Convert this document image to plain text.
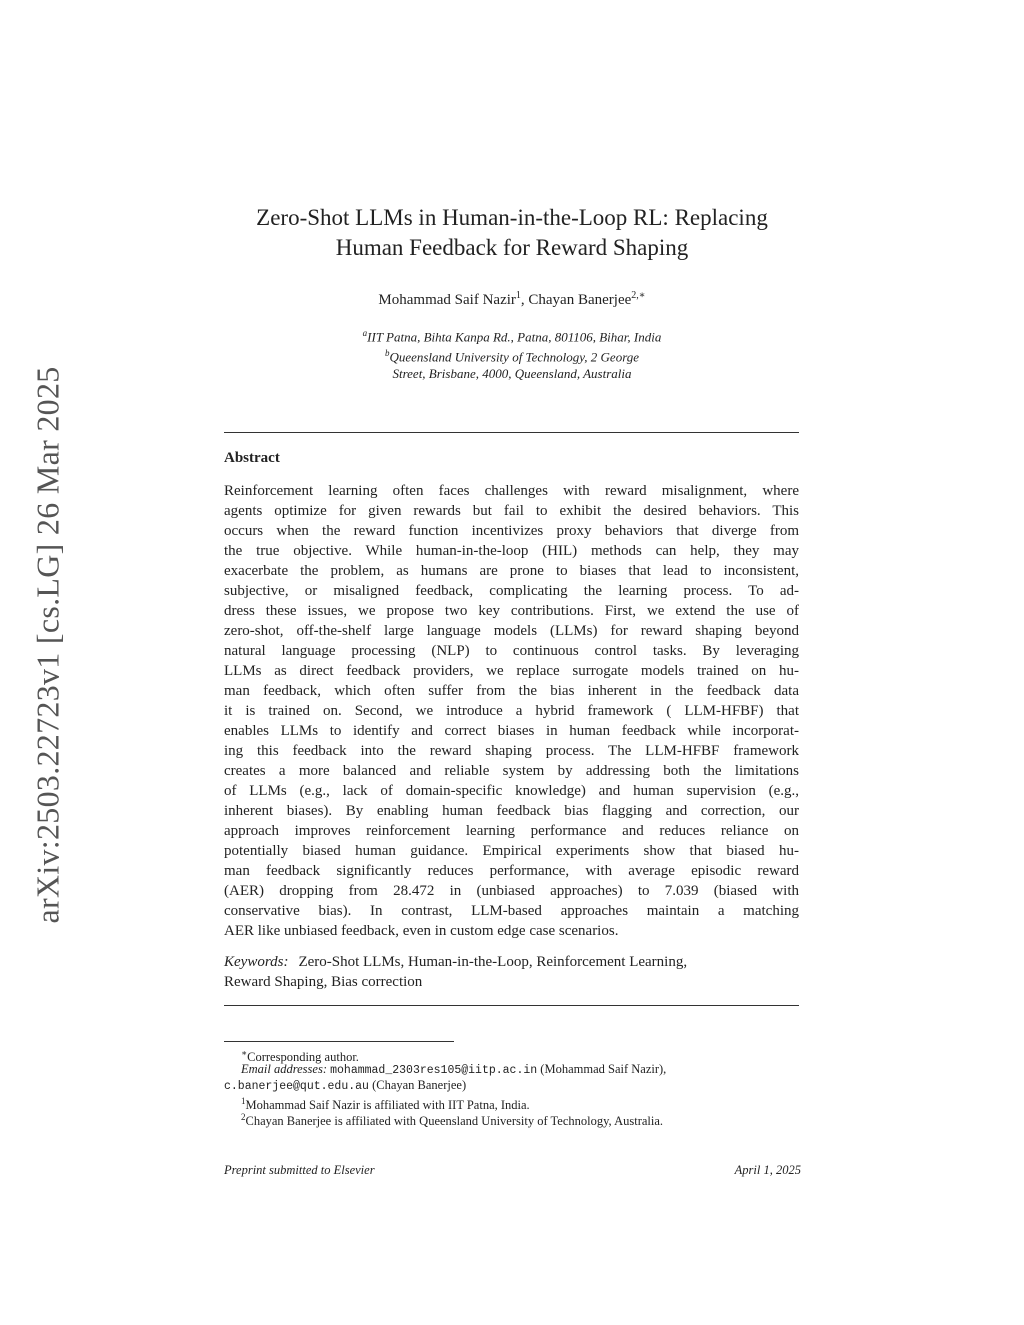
arXiv:2503.22723v1 [cs.LG] 26 Mar 2025
Zero-Shot LLMs in Human-in-the-Loop RL: Replacing
Human Feedback for Reward Shaping
Mohammad Saif Nazir$^1$, Chayan Banerjee$^{2,∗}$
$^a$IIT Patna, Bihta Kanpa Rd., Patna, 801106, Bihar, India
$^b$Queensland University of Technology, 2 George
Street, Brisbane, 4000, Queensland, Australia
Abstract
Reinforcement learning often faces challenges with reward misalignment, where
agents optimize for given rewards but fail to exhibit the desired behaviors. This
occurs when the reward function incentivizes proxy behaviors that diverge from
the true objective. While human-in-the-loop (HIL) methods can help, they may
exacerbate the problem, as humans are prone to biases that lead to inconsistent,
subjective, or misaligned feedback, complicating the learning process. To ad-
dress these issues, we propose two key contributions. First, we extend the use of
zero-shot, off-the-shelf large language models (LLMs) for reward shaping beyond
natural language processing (NLP) to continuous control tasks. By leveraging
LLMs as direct feedback providers, we replace surrogate models trained on hu-
man feedback, which often suffer from the bias inherent in the feedback data
it is trained on. Second, we introduce a hybrid framework ( LLM-HFBF) that
enables LLMs to identify and correct biases in human feedback while incorporat-
ing this feedback into the reward shaping process. The LLM-HFBF framework
creates a more balanced and reliable system by addressing both the limitations
of LLMs (e.g., lack of domain-specific knowledge) and human supervision (e.g.,
inherent biases). By enabling human feedback bias flagging and correction, our
approach improves reinforcement learning performance and reduces reliance on
potentially biased human guidance. Empirical experiments show that biased hu-
man feedback significantly reduces performance, with average episodic reward
(AER) dropping from 28.472 in (unbiased approaches) to 7.039 (biased with
conservative bias). In contrast, LLM-based approaches maintain a matching
AER like unbiased feedback, even in custom edge case scenarios.
Keywords: Zero-Shot LLMs, Human-in-the-Loop, Reinforcement Learning,
Reward Shaping, Bias correction
∗Corresponding author.
Email addresses: mohammad_2303res105@iitp.ac.in (Mohammad Saif Nazir),
c.banerjee@qut.edu.au (Chayan Banerjee)
$^1$Mohammad Saif Nazir is affiliated with IIT Patna, India.
$^2$Chayan Banerjee is affiliated with Queensland University of Technology, Australia.
Preprint submitted to Elsevier	April 1, 2025
